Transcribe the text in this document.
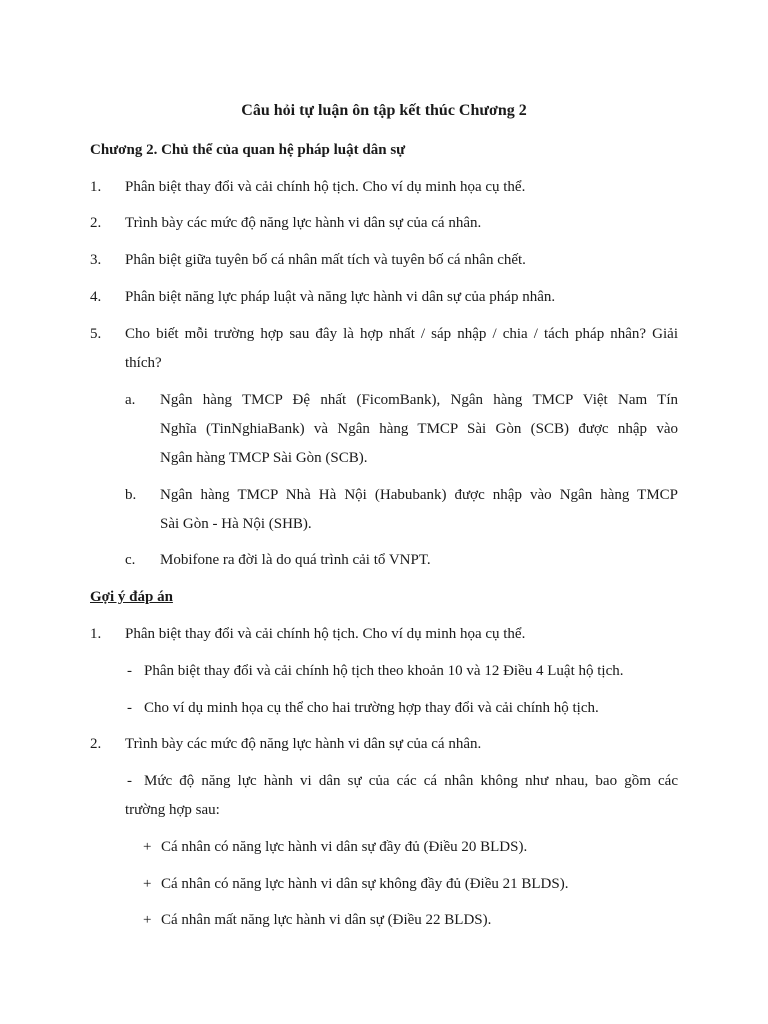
Câu hỏi tự luận ôn tập kết thúc Chương 2
Chương 2. Chủ thể của quan hệ pháp luật dân sự
1. Phân biệt thay đổi và cải chính hộ tịch. Cho ví dụ minh họa cụ thể.
2. Trình bày các mức độ năng lực hành vi dân sự của cá nhân.
3. Phân biệt giữa tuyên bố cá nhân mất tích và tuyên bố cá nhân chết.
4. Phân biệt năng lực pháp luật và năng lực hành vi dân sự của pháp nhân.
5. Cho biết mỗi trường hợp sau đây là hợp nhất / sáp nhập / chia / tách pháp nhân? Giải
thích?
a. Ngân hàng TMCP Đệ nhất (FicomBank), Ngân hàng TMCP Việt Nam Tín
Nghĩa (TinNghiaBank) và Ngân hàng TMCP Sài Gòn (SCB) được nhập vào
Ngân hàng TMCP Sài Gòn (SCB).
b. Ngân hàng TMCP Nhà Hà Nội (Habubank) được nhập vào Ngân hàng TMCP
Sài Gòn - Hà Nội (SHB).
c. Mobifone ra đời là do quá trình cải tổ VNPT.
Gợi ý đáp án
1. Phân biệt thay đổi và cải chính hộ tịch. Cho ví dụ minh họa cụ thể.
- Phân biệt thay đổi và cải chính hộ tịch theo khoản 10 và 12 Điều 4 Luật hộ tịch.
- Cho ví dụ minh họa cụ thể cho hai trường hợp thay đổi và cải chính hộ tịch.
2. Trình bày các mức độ năng lực hành vi dân sự của cá nhân.
- Mức độ năng lực hành vi dân sự của các cá nhân không như nhau, bao gồm các
trường hợp sau:
+ Cá nhân có năng lực hành vi dân sự đầy đủ (Điều 20 BLDS).
+ Cá nhân có năng lực hành vi dân sự không đầy đủ (Điều 21 BLDS).
+ Cá nhân mất năng lực hành vi dân sự (Điều 22 BLDS).
